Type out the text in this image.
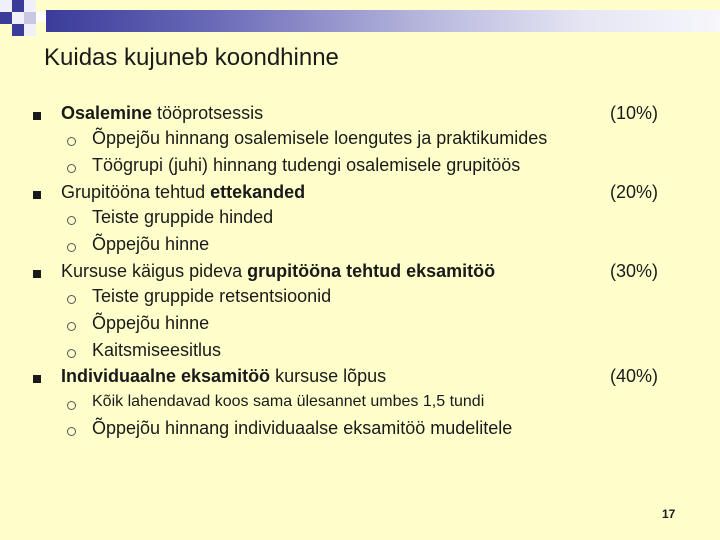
Kuidas kujuneb koondhinne
Osalemine tööprotsessis	(10%)
Õppejõu hinnang osalemisele loengutes ja praktikumides
Töögrupi (juhi) hinnang tudengi osalemisele grupitöös
Grupitööna tehtud ettekanded	(20%)
Teiste gruppide hinded
Õppejõu hinne
Kursuse käigus pideva grupitööna tehtud eksamitöö	(30%)
Teiste gruppide retsentsioonid
Õppejõu hinne
Kaitsmiseesitlus
Individuaalne eksamitöö kursuse lõpus	(40%)
Kõik lahendavad koos sama ülesannet umbes 1,5 tundi
Õppejõu hinnang individuaalse eksamitöö mudelitele
17
